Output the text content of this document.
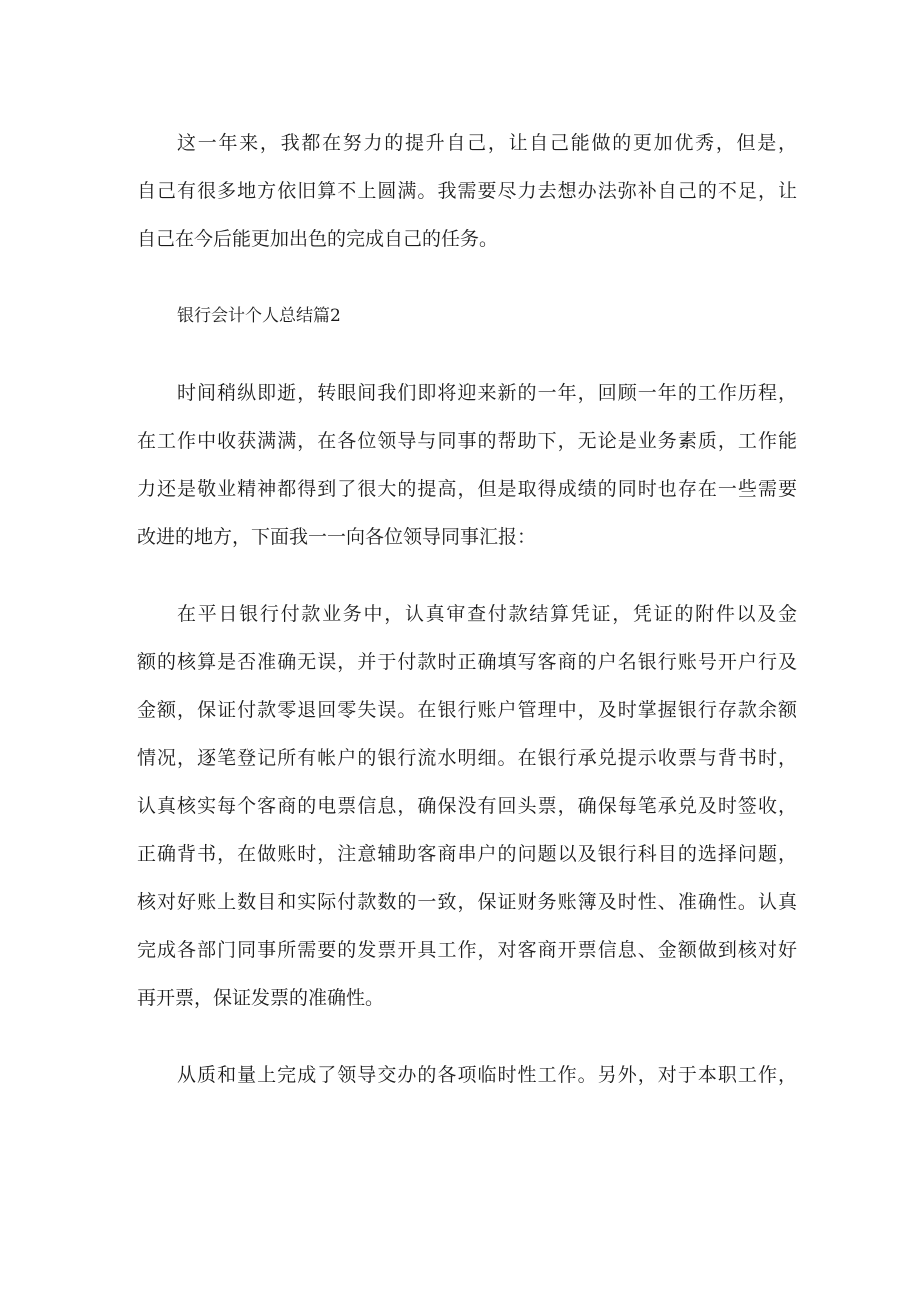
这一年来，我都在努力的提升自己，让自己能做的更加优秀，但是，
自己有很多地方依旧算不上圆满。我需要尽力去想办法弥补自己的不足，让
自己在今后能更加出色的完成自己的任务。
银行会计个人总结篇2
时间稍纵即逝，转眼间我们即将迎来新的一年，回顾一年的工作历程，
在工作中收获满满，在各位领导与同事的帮助下，无论是业务素质，工作能
力还是敬业精神都得到了很大的提高，但是取得成绩的同时也存在一些需要
改进的地方，下面我一一向各位领导同事汇报：
在平日银行付款业务中，认真审查付款结算凭证，凭证的附件以及金
额的核算是否准确无误，并于付款时正确填写客商的户名银行账号开户行及
金额，保证付款零退回零失误。在银行账户管理中，及时掌握银行存款余额
情况，逐笔登记所有帐户的银行流水明细。在银行承兑提示收票与背书时，
认真核实每个客商的电票信息，确保没有回头票，确保每笔承兑及时签收，
正确背书，在做账时，注意辅助客商串户的问题以及银行科目的选择问题，
核对好账上数目和实际付款数的一致，保证财务账簿及时性、准确性。认真
完成各部门同事所需要的发票开具工作，对客商开票信息、金额做到核对好
再开票，保证发票的准确性。
从质和量上完成了领导交办的各项临时性工作。另外，对于本职工作，
